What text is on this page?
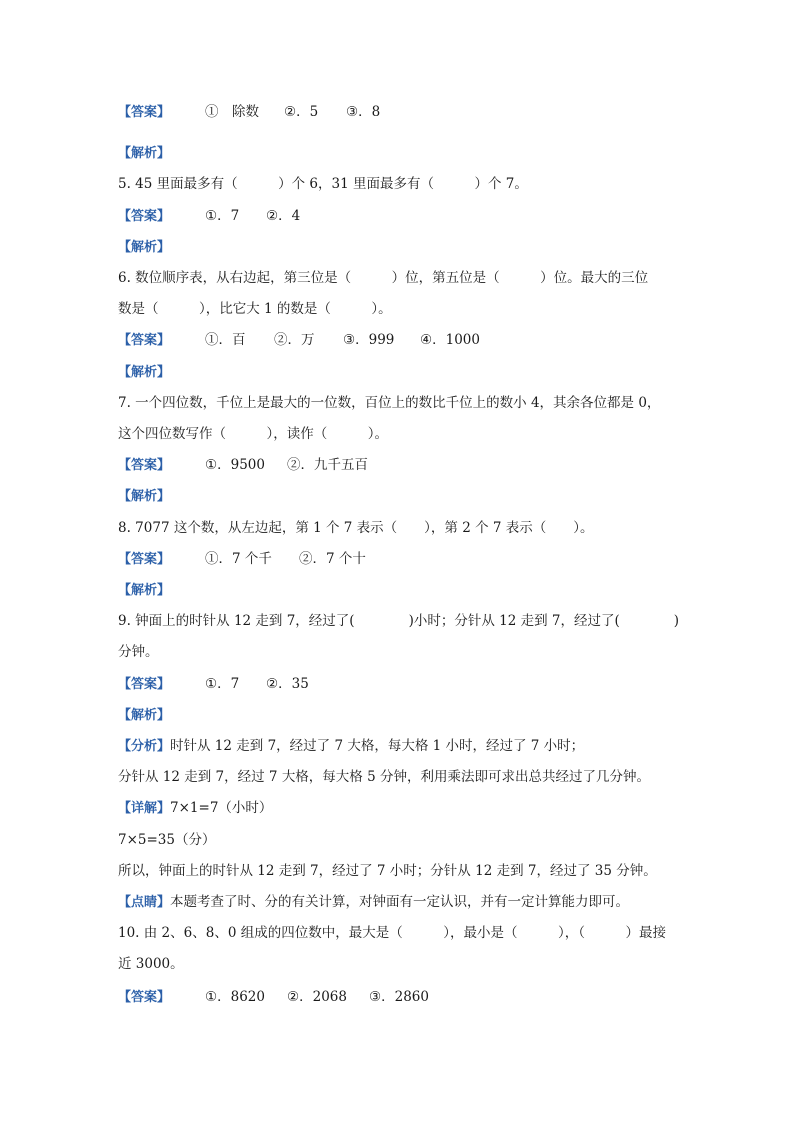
【答案】	①　除数 ②．5 ③．8
【解析】
5. 45 里面最多有（　　　）个 6，31 里面最多有（　　　）个 7。
【答案】	①．7 ②．4
【解析】
6. 数位顺序表，从右边起，第三位是（　　　）位，第五位是（　　　）位。最大的三位
数是（　　　），比它大 1 的数是（　　　）。
【答案】	①．百 ②．万 ③．999 ④．1000
【解析】
7. 一个四位数，千位上是最大的一位数，百位上的数比千位上的数小 4，其余各位都是 0，
这个四位数写作（　　　），读作（　　　）。
【答案】	①．9500 ②．九千五百
【解析】
8. 7077 这个数，从左边起，第 1 个 7 表示（　　），第 2 个 7 表示（　　）。
【答案】	①．7 个千 ②．7 个十
【解析】
9. 钟面上的时针从 12 走到 7，经过了(　　　　)小时；分针从 12 走到 7，经过了(　　　　)
分钟。
【答案】	①．7 ②．35
【解析】
【分析】时针从 12 走到 7，经过了 7 大格，每大格 1 小时，经过了 7 小时；
分针从 12 走到 7，经过 7 大格，每大格 5 分钟，利用乘法即可求出总共经过了几分钟。
【详解】7×1=7（小时）
7×5=35（分）
所以，钟面上的时针从 12 走到 7，经过了 7 小时；分针从 12 走到 7，经过了 35 分钟。
【点睛】本题考查了时、分的有关计算，对钟面有一定认识，并有一定计算能力即可。
10. 由 2、6、8、0 组成的四位数中，最大是（　　　），最小是（　　　），（　　　）最接
近 3000。
【答案】	①．8620 ②．2068 ③．2860
